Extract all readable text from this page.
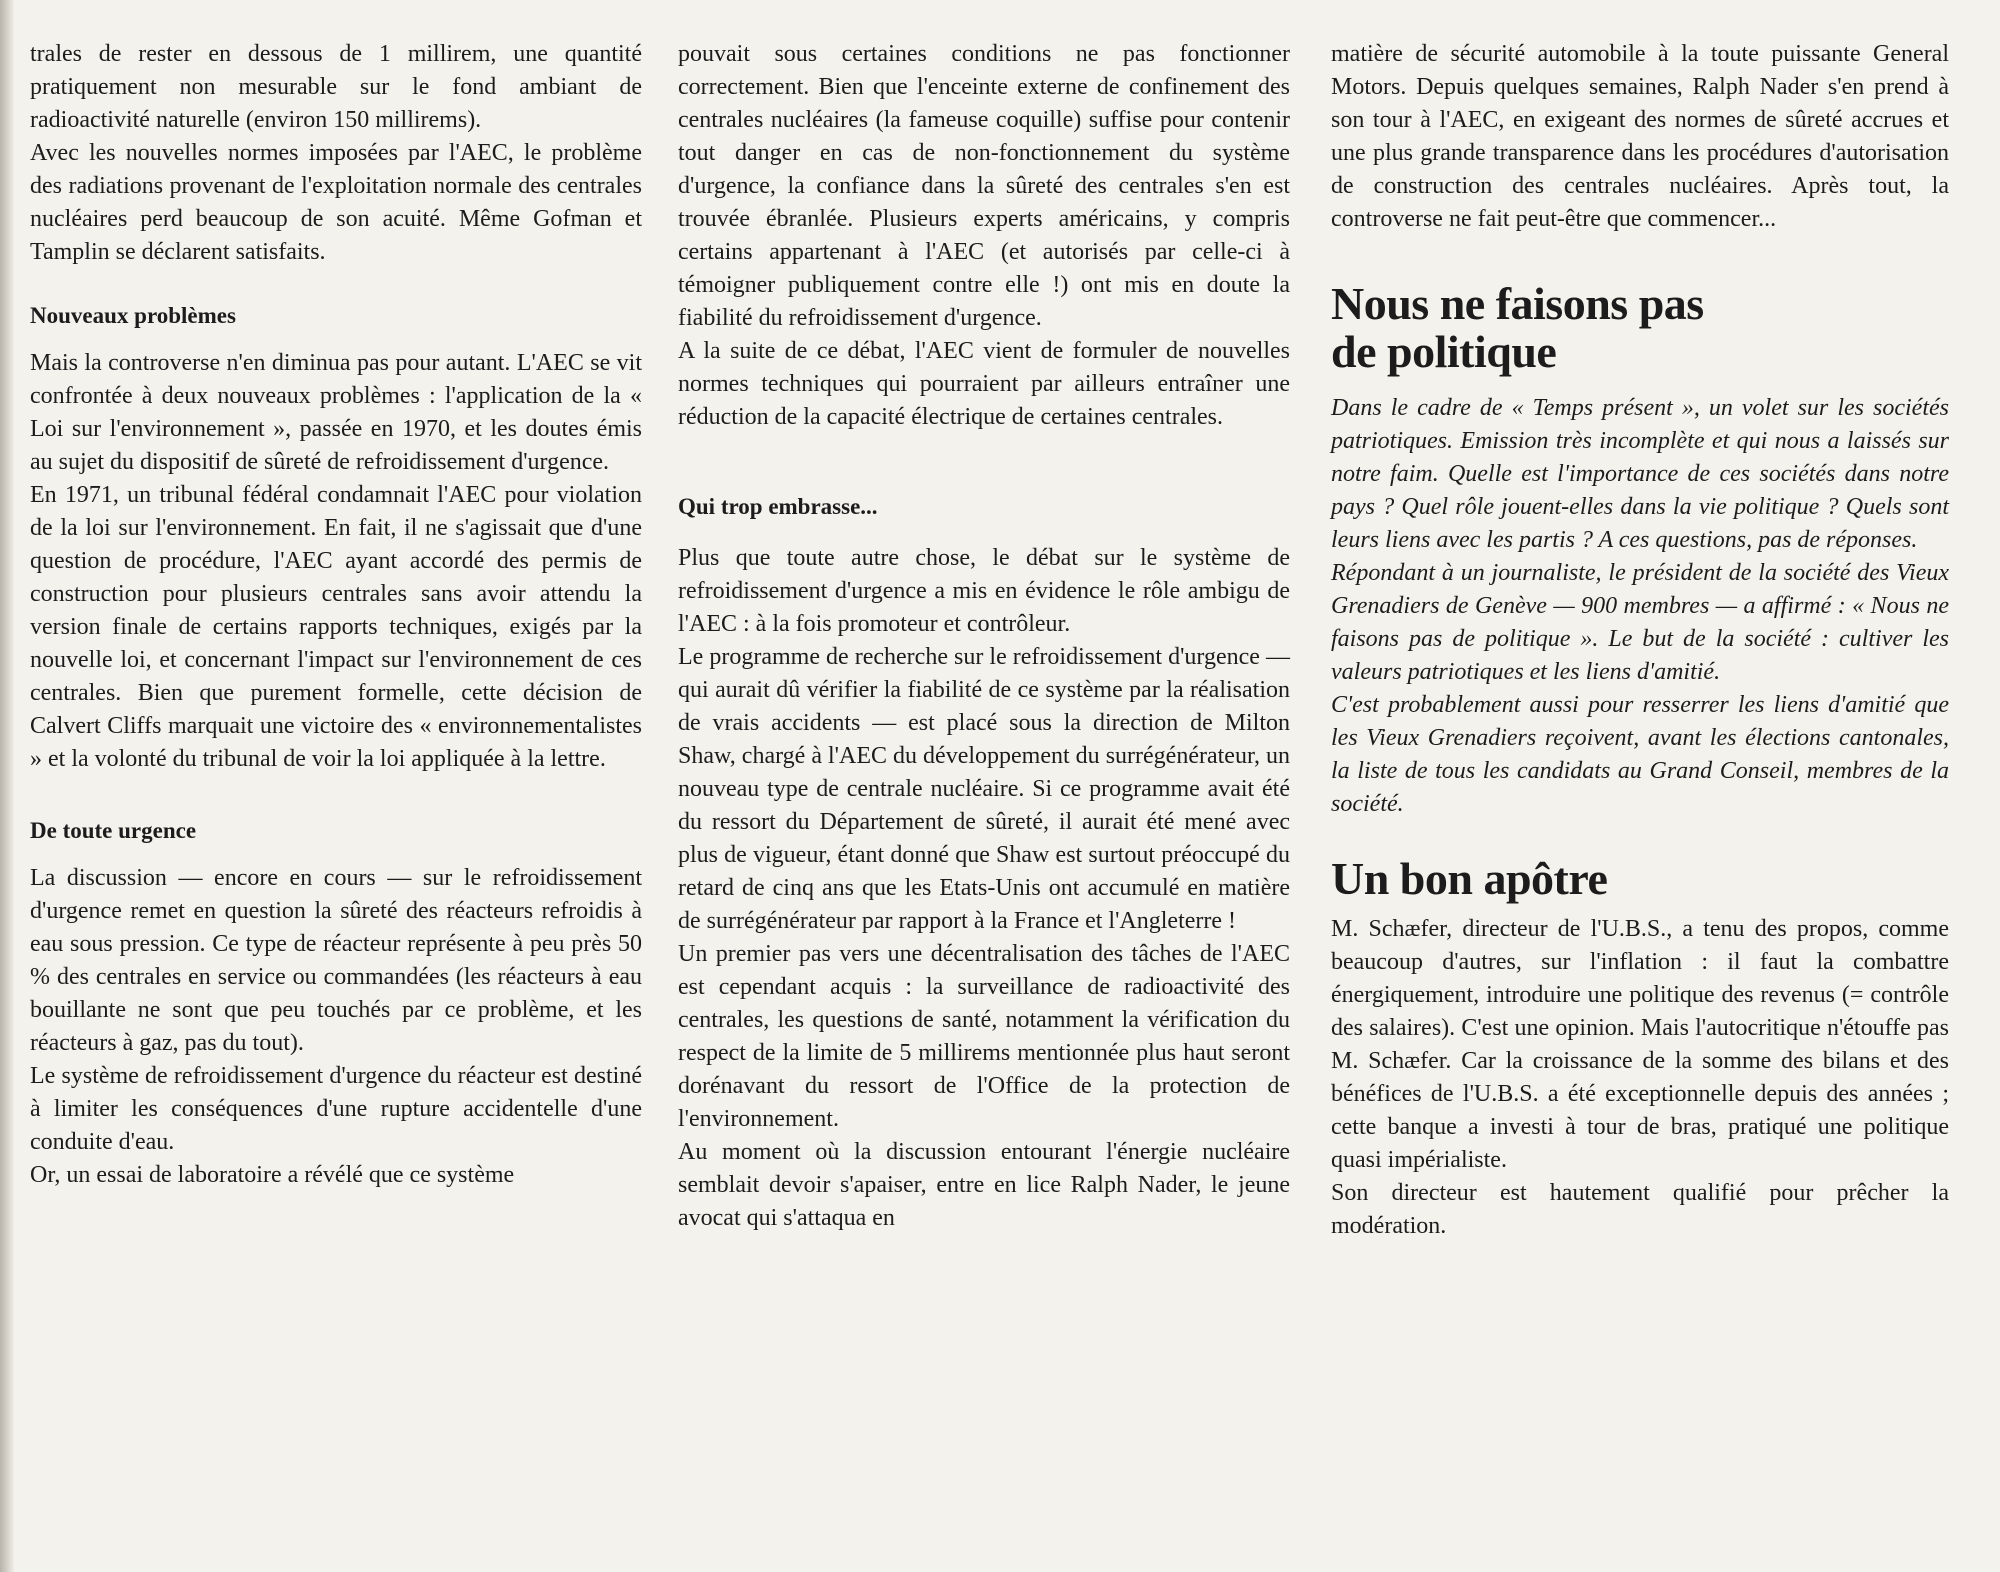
trales de rester en dessous de 1 millirem, une quantité pratiquement non mesurable sur le fond ambiant de radioactivité naturelle (environ 150 millirems).

Avec les nouvelles normes imposées par l'AEC, le problème des radiations provenant de l'exploitation normale des centrales nucléaires perd beaucoup de son acuité. Même Gofman et Tamplin se déclarent satisfaits.

Nouveaux problèmes

Mais la controverse n'en diminua pas pour autant. L'AEC se vit confrontée à deux nouveaux problèmes : l'application de la « Loi sur l'environnement », passée en 1970, et les doutes émis au sujet du dispositif de sûreté de refroidissement d'urgence.

En 1971, un tribunal fédéral condamnait l'AEC pour violation de la loi sur l'environnement. En fait, il ne s'agissait que d'une question de procédure, l'AEC ayant accordé des permis de construction pour plusieurs centrales sans avoir attendu la version finale de certains rapports techniques, exigés par la nouvelle loi, et concernant l'impact sur l'environnement de ces centrales. Bien que purement formelle, cette décision de Calvert Cliffs marquait une victoire des « environnementalistes » et la volonté du tribunal de voir la loi appliquée à la lettre.

De toute urgence

La discussion — encore en cours — sur le refroidissement d'urgence remet en question la sûreté des réacteurs refroidis à eau sous pression. Ce type de réacteur représente à peu près 50 % des centrales en service ou commandées (les réacteurs à eau bouillante ne sont que peu touchés par ce problème, et les réacteurs à gaz, pas du tout).

Le système de refroidissement d'urgence du réacteur est destiné à limiter les conséquences d'une rupture accidentelle d'une conduite d'eau.

Or, un essai de laboratoire a révélé que ce système

pouvait sous certaines conditions ne pas fonctionner correctement. Bien que l'enceinte externe de confinement des centrales nucléaires (la fameuse coquille) suffise pour contenir tout danger en cas de non-fonctionnement du système d'urgence, la confiance dans la sûreté des centrales s'en est trouvée ébranlée. Plusieurs experts américains, y compris certains appartenant à l'AEC (et autorisés par celle-ci à témoigner publiquement contre elle !) ont mis en doute la fiabilité du refroidissement d'urgence.

A la suite de ce débat, l'AEC vient de formuler de nouvelles normes techniques qui pourraient par ailleurs entraîner une réduction de la capacité électrique de certaines centrales.

Qui trop embrasse...

Plus que toute autre chose, le débat sur le système de refroidissement d'urgence a mis en évidence le rôle ambigu de l'AEC : à la fois promoteur et contrôleur.

Le programme de recherche sur le refroidissement d'urgence — qui aurait dû vérifier la fiabilité de ce système par la réalisation de vrais accidents — est placé sous la direction de Milton Shaw, chargé à l'AEC du développement du surrégénérateur, un nouveau type de centrale nucléaire. Si ce programme avait été du ressort du Département de sûreté, il aurait été mené avec plus de vigueur, étant donné que Shaw est surtout préoccupé du retard de cinq ans que les Etats-Unis ont accumulé en matière de surrégénérateur par rapport à la France et l'Angleterre !

Un premier pas vers une décentralisation des tâches de l'AEC est cependant acquis : la surveillance de radioactivité des centrales, les questions de santé, notamment la vérification du respect de la limite de 5 millirems mentionnée plus haut seront dorénavant du ressort de l'Office de la protection de l'environnement.

Au moment où la discussion entourant l'énergie nucléaire semblait devoir s'apaiser, entre en lice Ralph Nader, le jeune avocat qui s'attaqua en

matière de sécurité automobile à la toute puissante General Motors. Depuis quelques semaines, Ralph Nader s'en prend à son tour à l'AEC, en exigeant des normes de sûreté accrues et une plus grande transparence dans les procédures d'autorisation de construction des centrales nucléaires. Après tout, la controverse ne fait peut-être que commencer...

Nous ne faisons pas
de politique

Dans le cadre de « Temps présent », un volet sur les sociétés patriotiques. Emission très incomplète et qui nous a laissés sur notre faim. Quelle est l'importance de ces sociétés dans notre pays ? Quel rôle jouent-elles dans la vie politique ? Quels sont leurs liens avec les partis ? A ces questions, pas de réponses.

Répondant à un journaliste, le président de la société des Vieux Grenadiers de Genève — 900 membres — a affirmé : « Nous ne faisons pas de politique ». Le but de la société : cultiver les valeurs patriotiques et les liens d'amitié.

C'est probablement aussi pour resserrer les liens d'amitié que les Vieux Grenadiers reçoivent, avant les élections cantonales, la liste de tous les candidats au Grand Conseil, membres de la société.

Un bon apôtre

M. Schæfer, directeur de l'U.B.S., a tenu des propos, comme beaucoup d'autres, sur l'inflation : il faut la combattre énergiquement, introduire une politique des revenus (= contrôle des salaires). C'est une opinion. Mais l'autocritique n'étouffe pas M. Schæfer. Car la croissance de la somme des bilans et des bénéfices de l'U.B.S. a été exceptionnelle depuis des années ; cette banque a investi à tour de bras, pratiqué une politique quasi impérialiste.

Son directeur est hautement qualifié pour prêcher la modération.
